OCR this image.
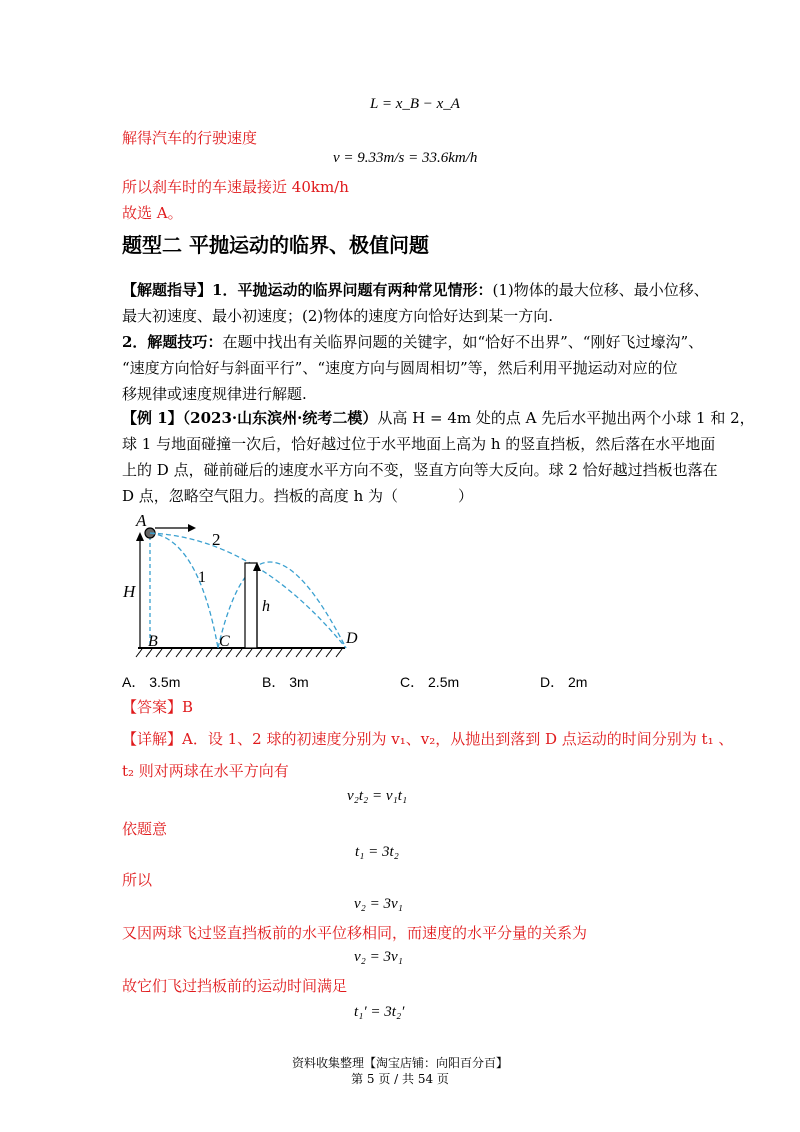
L = x_B − x_A
解得汽车的行驶速度
v = 9.33m/s = 33.6km/h
所以刹车时的车速最接近 40km/h
故选 A。
题型二 平抛运动的临界、极值问题
【解题指导】1．平抛运动的临界问题有两种常见情形：(1)物体的最大位移、最小位移、
最大初速度、最小初速度；(2)物体的速度方向恰好达到某一方向.
2．解题技巧：在题中找出有关临界问题的关键字，如“恰好不出界”、“刚好飞过壕沟”、
“速度方向恰好与斜面平行”、“速度方向与圆周相切”等，然后利用平抛运动对应的位
移规律或速度规律进行解题.
【例 1】（2023·山东滨州·统考二模）从高 H = 4m 处的点 A 先后水平抛出两个小球 1 和 2，
球 1 与地面碰撞一次后，恰好越过位于水平地面上高为 h 的竖直挡板，然后落在水平地面
上的 D 点，碰前碰后的速度水平方向不变，竖直方向等大反向。球 2 恰好越过挡板也落在
D 点，忽略空气阻力。挡板的高度 h 为（　　　　）
A
B	C	D
H
h
1
2
A． 3.5m	B． 3m	C． 2.5m	D． 2m
【答案】B
【详解】A．设 1、2 球的初速度分别为 v₁、v₂，从抛出到落到 D 点运动的时间分别为 t₁ 、
t₂ 则对两球在水平方向有
v₂t₂ = v₁t₁
依题意
t₁ = 3t₂
所以
v₂ = 3v₁
又因两球飞过竖直挡板前的水平位移相同，而速度的水平分量的关系为
v₂ = 3v₁
故它们飞过挡板前的运动时间满足
t₁′ = 3t₂′
资料收集整理【淘宝店铺：向阳百分百】
第 5 页 / 共 54 页
